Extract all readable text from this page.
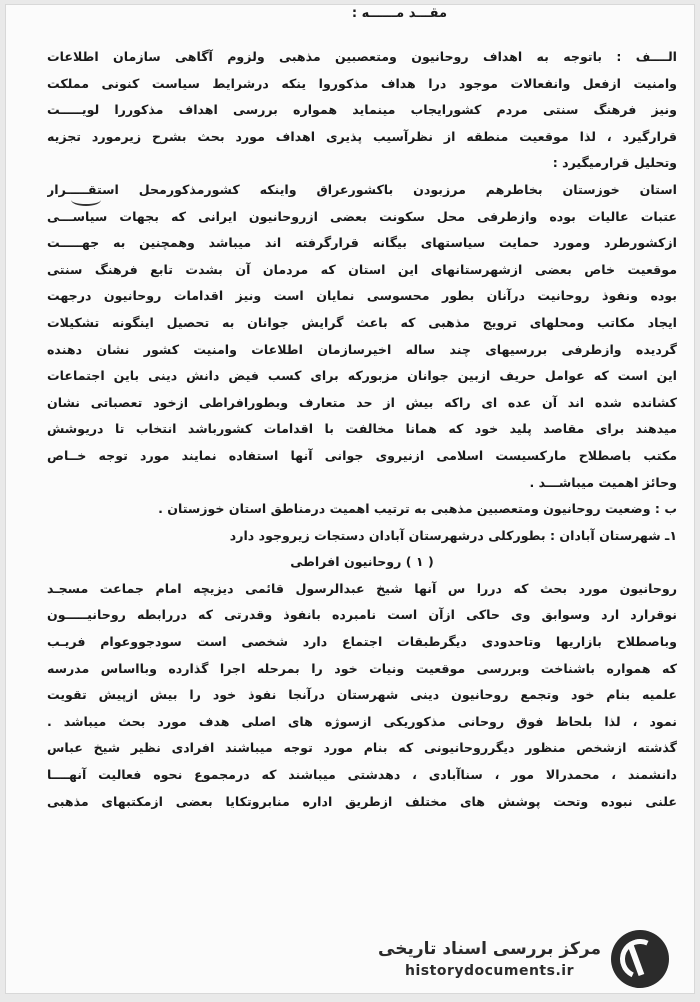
مقـــد مــــــه :
الــــف : باتوجه به اهداف روحانیون ومتعصبین مذهبی ولزوم آگاهی سازمان اطلاعات
وامنیت ازفعل وانفعالات موجود درا هداف مذکوروا ینکه درشرایط سیاست کنونی مملکت
ونیز فرهنگ سنتی مردم کشورایجاب مینماید همواره بررسی اهداف مذکوررا لویـــــت
قرارگیرد ، لذا موقعیت منطقه از نظرآسیب پذیری اهداف مورد بحث بشرح زیرمورد تجزیه
وتحلیل قرارمیگیرد :
استان خوزستان بخاطرهم مرزبودن باکشورعراق واینکه کشورمذکورمحل استقـــــرار
عتبات عالیات بوده وازطرفی محل سکونت بعضی ازروحانیون ایرانی که بجهات سیاســـی
ازکشورطرد ومورد حمایت سیاستهای بیگانه قرارگرفته اند میباشد وهمچنین به جهـــــت
موقعیت خاص بعضی ازشهرستانهای این استان که مردمان آن بشدت تابع فرهنگ سنتی
بوده ونفوذ روحانیت درآنان بطور محسوسی نمایان است ونیز اقدامات روحانیون درجهت
ایجاد مکاتب ومحلهای ترویج مذهبی که باعث گرایش جوانان به تحصیل اینگونه تشکیلات
گردیده وازطرفی بررسیهای چند ساله اخیرسازمان اطلاعات وامنیت کشور نشان دهنده
این است که عوامل حریف ازبین جوانان مزبورکه برای کسب فیض دانش دینی باین اجتماعات
کشانده شده اند آن عده ای راکه بیش از حد متعارف وبطورافراطی ازخود تعصباتی نشان
میدهند برای مقاصد پلید خود که همانا مخالفت با اقدامات کشورباشد انتخاب تا دریوشش
مکتب باصطلاح مارکسیست اسلامی ازنیروی جوانی آنها استفاده نمایند مورد توجه خــاص
وحائز اهمیت میباشـــد .
ب : وضعیت روحانیون ومتعصبین مذهبی به ترتیب اهمیت درمناطق استان خوزستان .
۱ـ شهرستان آبادان : بطورکلی درشهرستان آبادان دستجات زیروجود دارد
( ۱ ) روحانیون افراطی
روحانیون مورد بحث که دررا س آنها شیخ عبدالرسول قائمی دیزیچه امام جماعت مسجـد
نوقرارد ارد وسوابق وی حاکی ازآن است نامبرده بانفوذ وقدرتی که دررابطه روحانیـــــون
وباصطلاح بازاریها وتاحدودی دیگرطبقات اجتماع دارد شخصی است سودجووعوام فریـب
که همواره باشناخت وبررسی موقعیت ونیات خود را بمرحله اجرا گذارده وبااساس مدرسه
علمیه بنام خود وتجمع روحانیون دینی شهرستان درآنجا نفوذ خود را بیش ازپیش تقویت
نمود ، لذا بلحاظ فوق روحانی مذکوریکی ازسوژه های اصلی هدف مورد بحث میباشد .
گذشته ازشخص منظور دیگرروحانیونی که بنام مورد توجه میباشند افرادی نظیر شیخ عباس
دانشمند ، محمدرالا مور ، سناآبادی ، دهدشتی میباشند که درمجموع نحوه فعالیت آنهــــا
علنی نبوده وتحت پوشش های مختلف ازطریق اداره منابروتکایا بعضی ازمکتبهای مذهبی
مرکز بررسی اسناد تاریخی
historydocuments.ir
